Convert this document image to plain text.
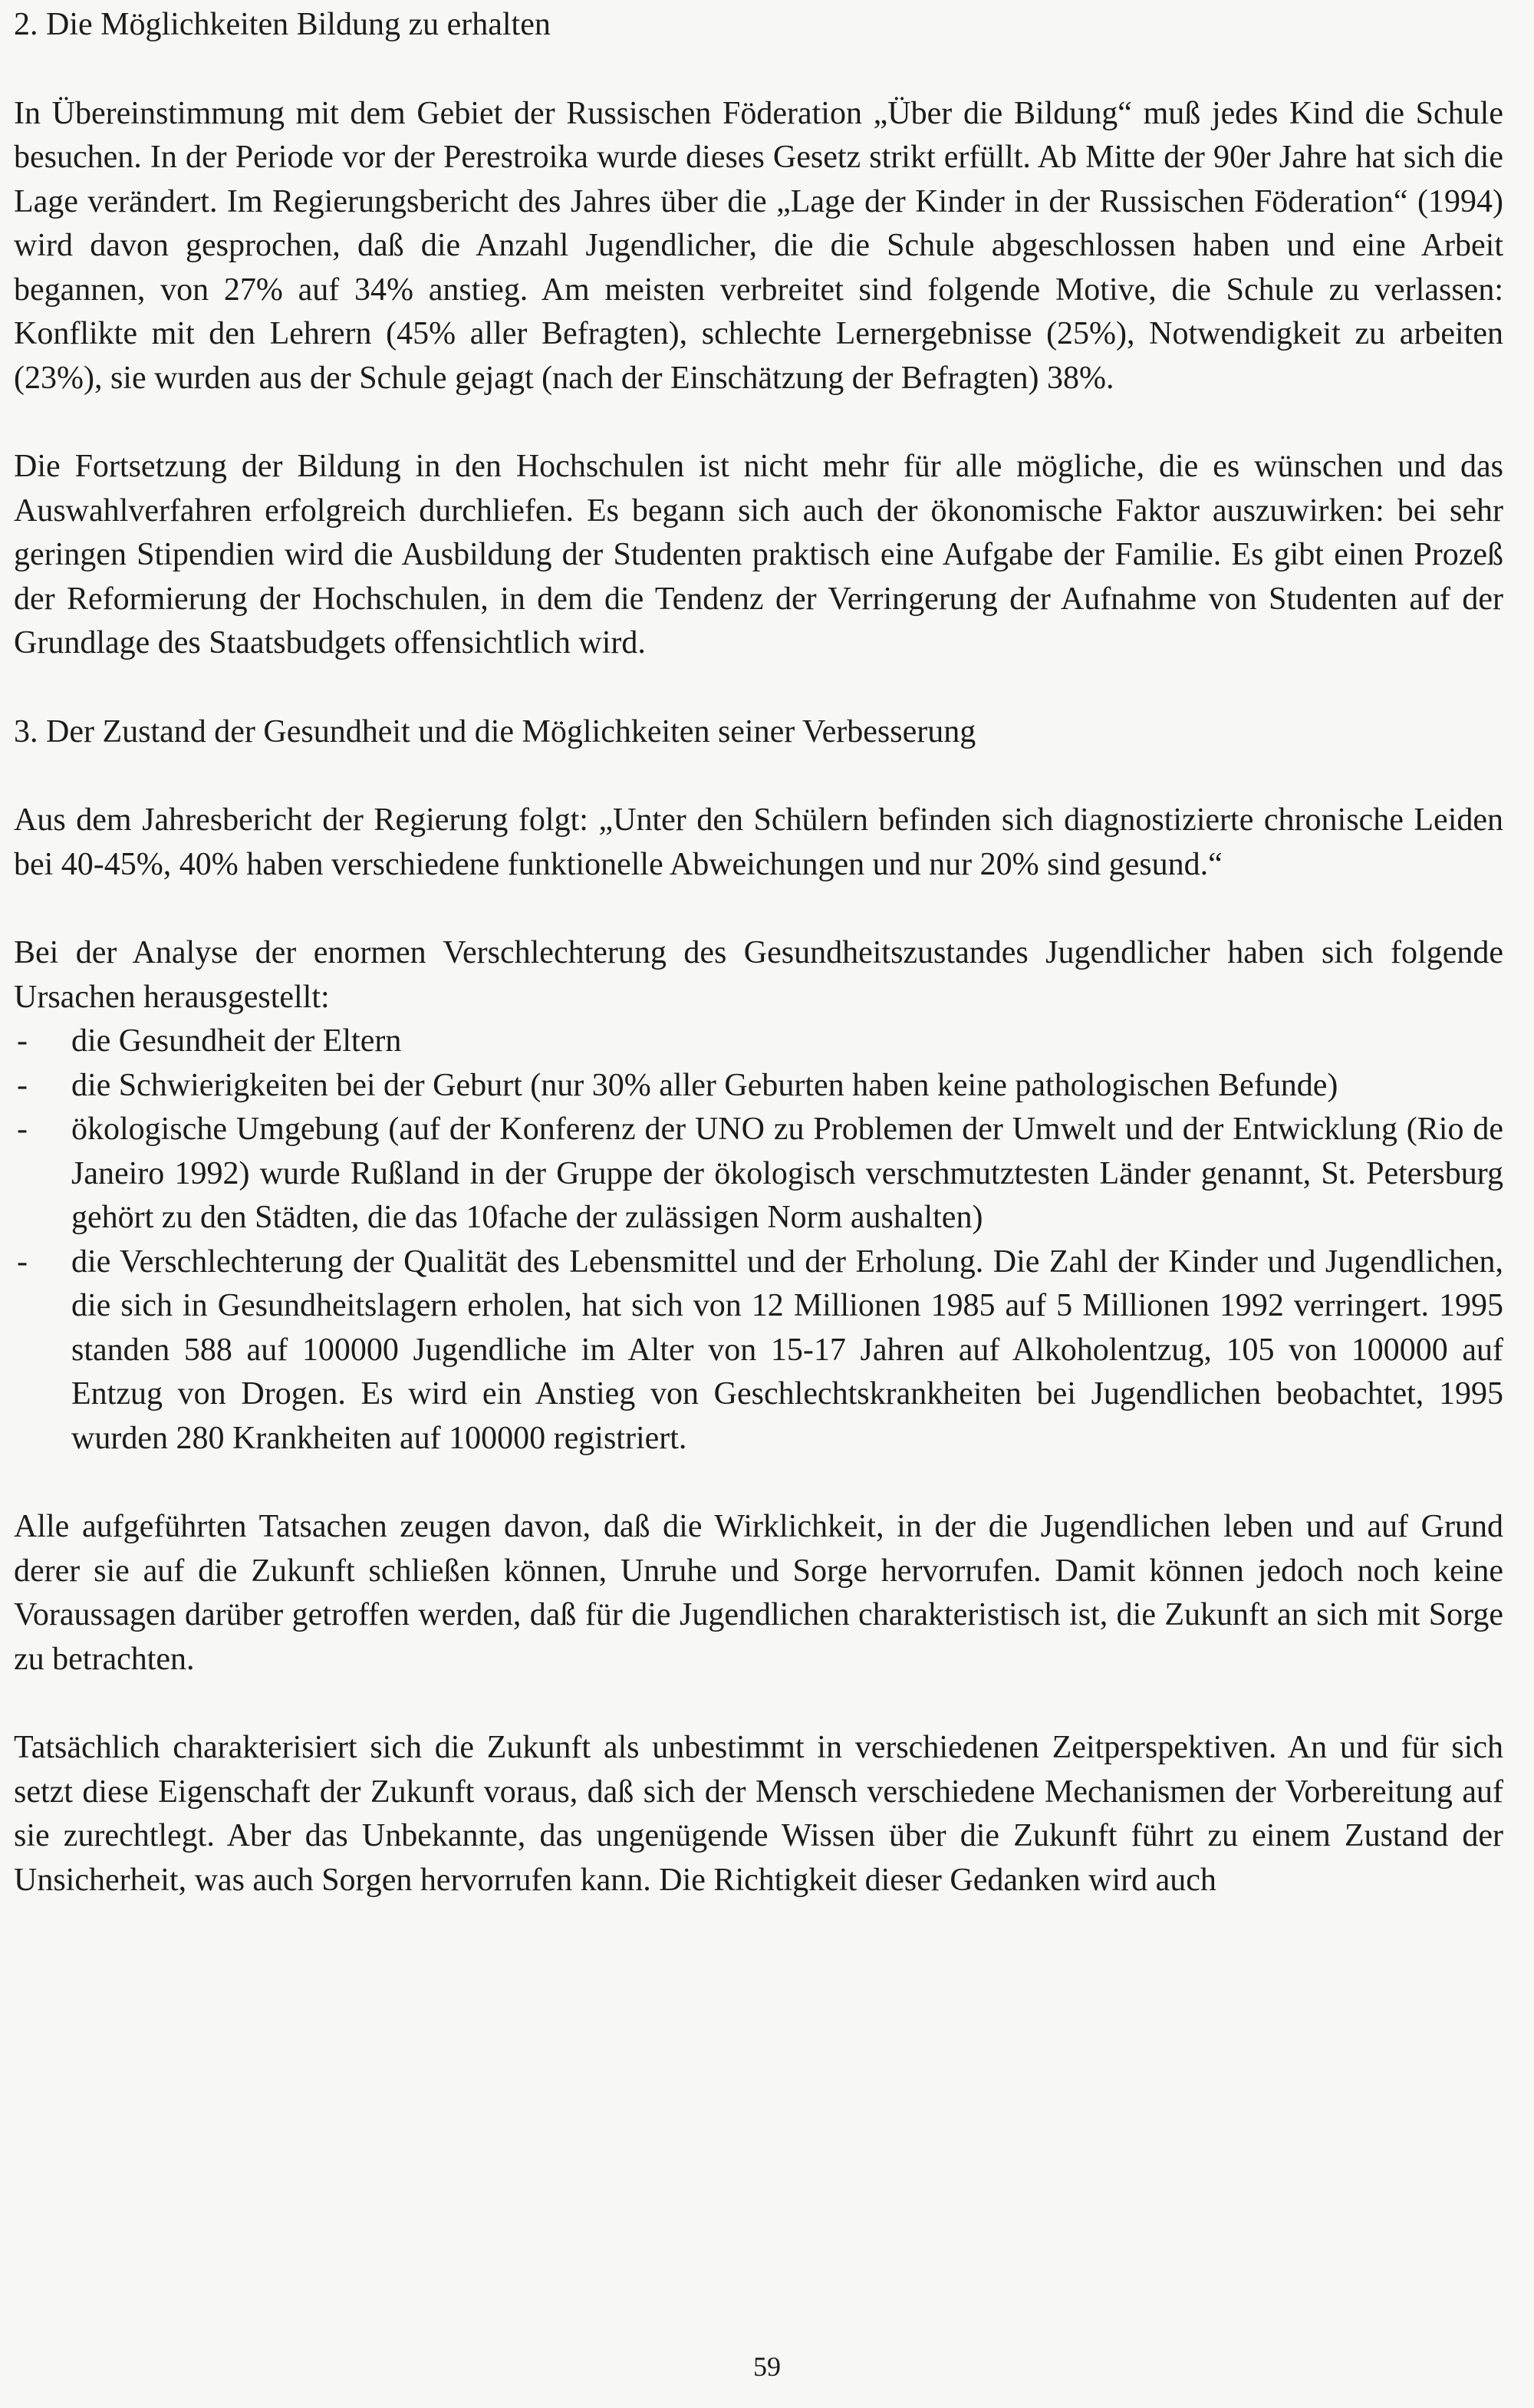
2. Die Möglichkeiten Bildung zu erhalten

In Übereinstimmung mit dem Gebiet der Russischen Föderation „Über die Bildung“ muß jedes Kind die Schule besuchen. In der Periode vor der Perestroika wurde dieses Gesetz strikt erfüllt. Ab Mitte der 90er Jahre hat sich die Lage verändert. Im Regierungsbericht des Jahres über die „Lage der Kinder in der Russischen Föderation“ (1994) wird davon gesprochen, daß die Anzahl Jugendlicher, die die Schule abgeschlossen haben und eine Arbeit begannen, von 27% auf 34% anstieg. Am meisten verbreitet sind folgende Motive, die Schule zu verlassen: Konflikte mit den Lehrern (45% aller Befragten), schlechte Lernergebnisse (25%), Notwendigkeit zu arbeiten (23%), sie wurden aus der Schule gejagt (nach der Einschätzung der Befragten) 38%.

Die Fortsetzung der Bildung in den Hochschulen ist nicht mehr für alle mögliche, die es wünschen und das Auswahlverfahren erfolgreich durchliefen. Es begann sich auch der ökonomische Faktor auszuwirken: bei sehr geringen Stipendien wird die Ausbildung der Studenten praktisch eine Aufgabe der Familie. Es gibt einen Prozeß der Reformierung der Hochschulen, in dem die Tendenz der Verringerung der Aufnahme von Studenten auf der Grundlage des Staatsbudgets offensichtlich wird.

3. Der Zustand der Gesundheit und die Möglichkeiten seiner Verbesserung

Aus dem Jahresbericht der Regierung folgt: „Unter den Schülern befinden sich diagnostizierte chronische Leiden bei 40-45%, 40% haben verschiedene funktionelle Abweichungen und nur 20% sind gesund.“

Bei der Analyse der enormen Verschlechterung des Gesundheitszustandes Jugendlicher haben sich folgende Ursachen herausgestellt:

-	die Gesundheit der Eltern
-	die Schwierigkeiten bei der Geburt (nur 30% aller Geburten haben keine pathologischen Befunde)
-	ökologische Umgebung (auf der Konferenz der UNO zu Problemen der Umwelt und der Entwicklung (Rio de Janeiro 1992) wurde Rußland in der Gruppe der ökologisch verschmutztesten Länder genannt, St. Petersburg gehört zu den Städten, die das 10fache der zulässigen Norm aushalten)
-	die Verschlechterung der Qualität des Lebensmittel und der Erholung. Die Zahl der Kinder und Jugendlichen, die sich in Gesundheitslagern erholen, hat sich von 12 Millionen 1985 auf 5 Millionen 1992 verringert. 1995 standen 588 auf 100000 Jugendliche im Alter von 15-17 Jahren auf Alkoholentzug, 105 von 100000 auf Entzug von Drogen. Es wird ein Anstieg von Geschlechtskrankheiten bei Jugendlichen beobachtet, 1995 wurden 280 Krankheiten auf 100000 registriert.

Alle aufgeführten Tatsachen zeugen davon, daß die Wirklichkeit, in der die Jugendlichen leben und auf Grund derer sie auf die Zukunft schließen können, Unruhe und Sorge hervorrufen. Damit können jedoch noch keine Voraussagen darüber getroffen werden, daß für die Jugendlichen charakteristisch ist, die Zukunft an sich mit Sorge zu betrachten.

Tatsächlich charakterisiert sich die Zukunft als unbestimmt in verschiedenen Zeitperspektiven. An und für sich setzt diese Eigenschaft der Zukunft voraus, daß sich der Mensch verschiedene Mechanismen der Vorbereitung auf sie zurechtlegt. Aber das Unbekannte, das ungenügende Wissen über die Zukunft führt zu einem Zustand der Unsicherheit, was auch Sorgen hervorrufen kann. Die Richtigkeit dieser Gedanken wird auch

59
